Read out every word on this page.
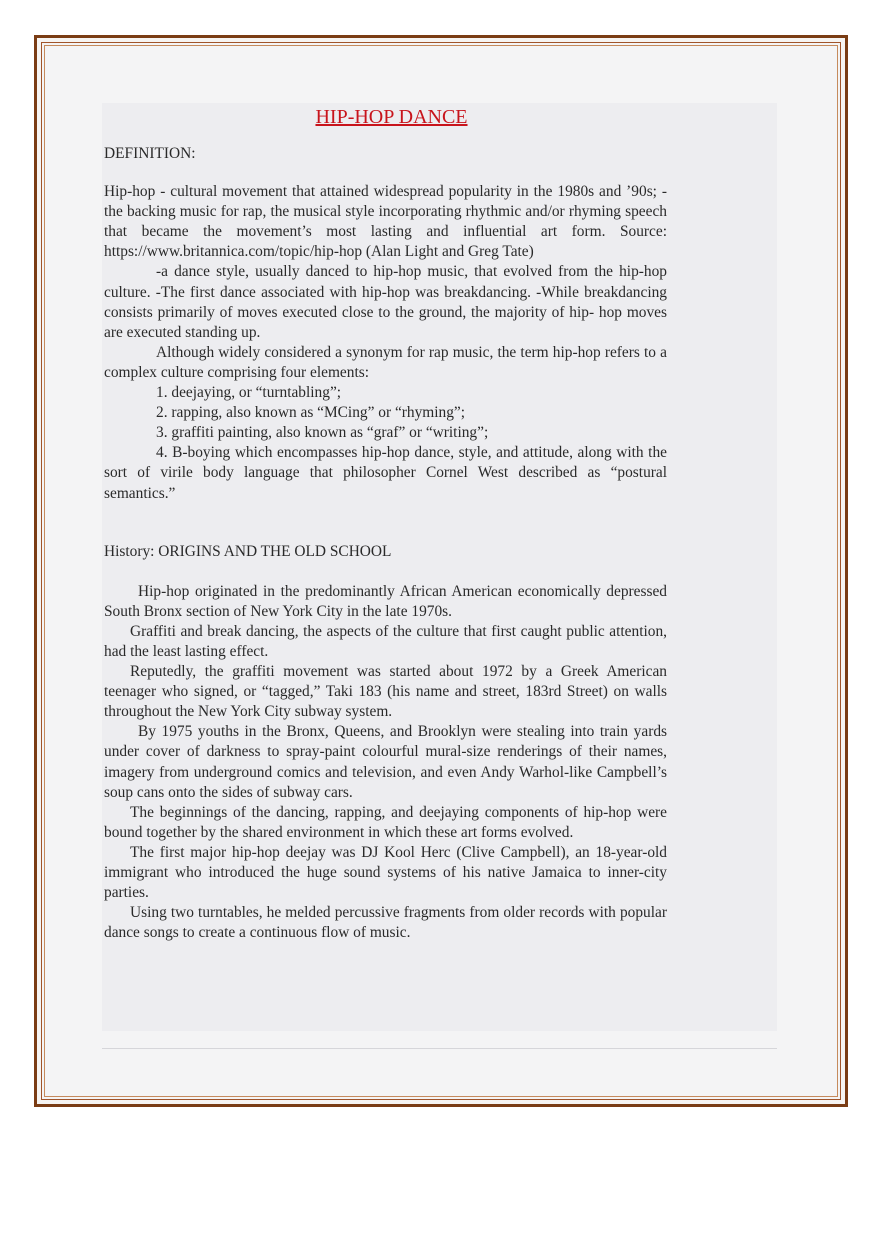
HIP-HOP DANCE

DEFINITION:

Hip-hop - cultural movement that attained widespread popularity in the 1980s and ’90s; - the backing music for rap, the musical style incorporating rhythmic and/or rhyming speech that became the movement’s most lasting and influential art form. Source: https://www.britannica.com/topic/hip-hop (Alan Light and Greg Tate)

-a dance style, usually danced to hip-hop music, that evolved from the hip-hop culture. -The first dance associated with hip-hop was breakdancing. -While breakdancing consists primarily of moves executed close to the ground, the majority of hip- hop moves are executed standing up.

Although widely considered a synonym for rap music, the term hip-hop refers to a complex culture comprising four elements:

1. deejaying, or “turntabling”;

2. rapping, also known as “MCing” or “rhyming”;

3. graffiti painting, also known as “graf” or “writing”;

4. B-boying which encompasses hip-hop dance, style, and attitude, along with the sort of virile body language that philosopher Cornel West described as “postural semantics.”

History: ORIGINS AND THE OLD SCHOOL

Hip-hop originated in the predominantly African American economically depressed South Bronx section of New York City in the late 1970s.

Graffiti and break dancing, the aspects of the culture that first caught public attention, had the least lasting effect.

Reputedly, the graffiti movement was started about 1972 by a Greek American teenager who signed, or “tagged,” Taki 183 (his name and street, 183rd Street) on walls throughout the New York City subway system.

By 1975 youths in the Bronx, Queens, and Brooklyn were stealing into train yards under cover of darkness to spray-paint colourful mural-size renderings of their names, imagery from underground comics and television, and even Andy Warhol-like Campbell’s soup cans onto the sides of subway cars.

The beginnings of the dancing, rapping, and deejaying components of hip-hop were bound together by the shared environment in which these art forms evolved.

The first major hip-hop deejay was DJ Kool Herc (Clive Campbell), an 18-year-old immigrant who introduced the huge sound systems of his native Jamaica to inner-city parties.

Using two turntables, he melded percussive fragments from older records with popular dance songs to create a continuous flow of music.
